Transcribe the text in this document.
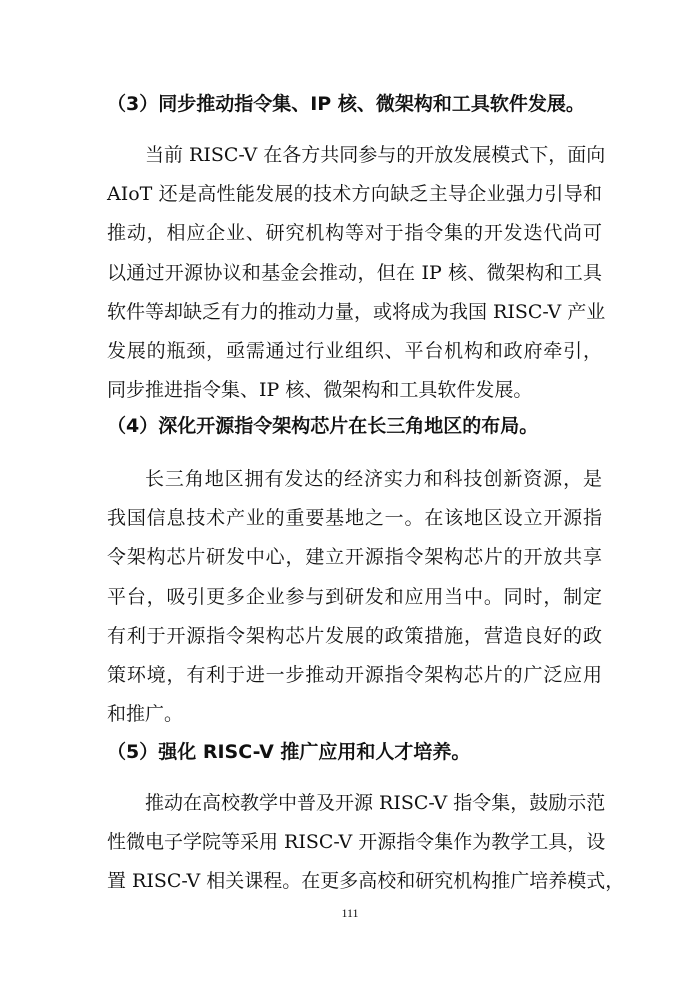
（3）同步推动指令集、IP 核、微架构和工具软件发展。
当前 RISC-V 在各方共同参与的开放发展模式下，面向
AIoT 还是高性能发展的技术方向缺乏主导企业强力引导和
推动，相应企业、研究机构等对于指令集的开发迭代尚可
以通过开源协议和基金会推动，但在 IP 核、微架构和工具
软件等却缺乏有力的推动力量，或将成为我国 RISC-V 产业
发展的瓶颈，亟需通过行业组织、平台机构和政府牵引，
同步推进指令集、IP 核、微架构和工具软件发展。
（4）深化开源指令架构芯片在长三角地区的布局。
长三角地区拥有发达的经济实力和科技创新资源，是
我国信息技术产业的重要基地之一。在该地区设立开源指
令架构芯片研发中心，建立开源指令架构芯片的开放共享
平台，吸引更多企业参与到研发和应用当中。同时，制定
有利于开源指令架构芯片发展的政策措施，营造良好的政
策环境，有利于进一步推动开源指令架构芯片的广泛应用
和推广。
（5）强化 RISC-V 推广应用和人才培养。
推动在高校教学中普及开源 RISC-V 指令集，鼓励示范
性微电子学院等采用 RISC-V 开源指令集作为教学工具，设
置 RISC-V 相关课程。在更多高校和研究机构推广培养模式，
111
